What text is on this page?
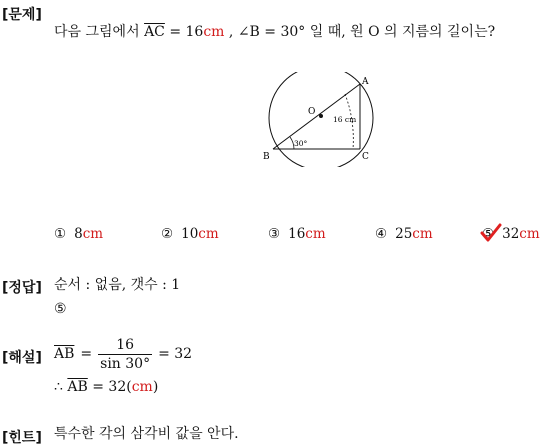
[문제]
다음 그림에서 $\overline{AC} = 16cm$ , ∠B = 30° 일 때, 원 O 의 지름의 길이는?
O
A
B	C
16 cm
30°
① 8cm	② 10cm	③ 16cm	④ 25cm	⑤ 32cm
[정답] 순서 : 없음, 갯수 : 1
⑤
[해설] $\overline{AB} = \frac{16}{\sin 30^\circ} = 32$
∴ $\overline{AB} = 32(cm)$
[힌트] 특수한 각의 삼각비 값을 안다.
